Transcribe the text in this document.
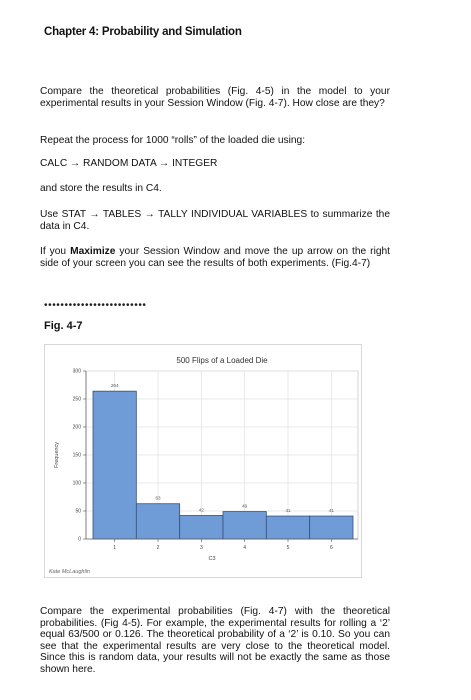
Chapter 4: Probability and Simulation
Compare the theoretical probabilities (Fig. 4-5) in the model to your experimental results in your Session Window (Fig. 4-7). How close are they?
Repeat the process for 1000 “rolls” of the loaded die using:
CALC → RANDOM DATA → INTEGER
and store the results in C4.
Use STAT → TABLES → TALLY INDIVIDUAL VARIABLES to summarize the data in C4.
If you Maximize your Session Window and move the up arrow on the right side of your screen you can see the results of both experiments. (Fig.4-7)
•••••••••••••••••••••••••
Fig. 4-7
264
63
42
49
41	41
0
50
100
150
200
250
300
1	2	3	4	5	6
500 Flips of a Loaded Die
C3
Frequency
Kate McLaughlin
Compare the experimental probabilities (Fig. 4-7) with the theoretical probabilities. (Fig 4-5). For example, the experimental results for rolling a ‘2’ equal 63/500 or 0.126. The theoretical probability of a ‘2’ is 0.10. So you can see that the experimental results are very close to the theoretical model. Since this is random data, your results will not be exactly the same as those shown here.
